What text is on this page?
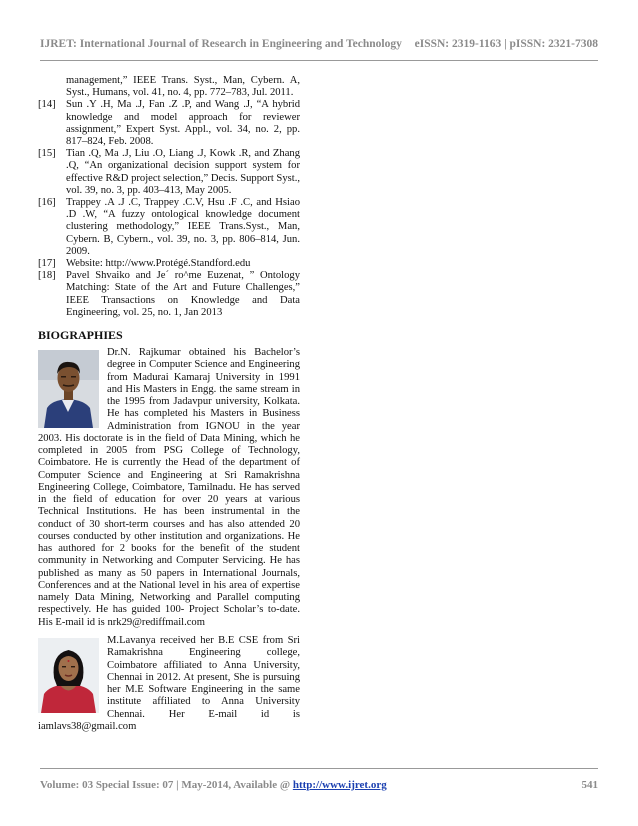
IJRET: International Journal of Research in Engineering and Technology eISSN: 2319-1163 | pISSN: 2321-7308
management,” IEEE Trans. Syst., Man, Cybern. A, Syst., Humans, vol. 41, no. 4, pp. 772–783, Jul. 2011.
[14] Sun .Y .H, Ma .J, Fan .Z .P, and Wang .J, “A hybrid knowledge and model approach for reviewer assignment,” Expert Syst. Appl., vol. 34, no. 2, pp. 817–824, Feb. 2008.
[15] Tian .Q, Ma .J, Liu .O, Liang .J, Kowk .R, and Zhang .Q, “An organizational decision support system for effective R&D project selection,” Decis. Support Syst., vol. 39, no. 3, pp. 403–413, May 2005.
[16] Trappey .A .J .C, Trappey .C.V, Hsu .F .C, and Hsiao .D .W, “A fuzzy ontological knowledge document clustering methodology,” IEEE Trans.Syst., Man, Cybern. B, Cybern., vol. 39, no. 3, pp. 806–814, Jun. 2009.
[17] Website: http://www.Protégé.Standford.edu
[18] Pavel Shvaiko and Je´ ro^me Euzenat, ” Ontology Matching: State of the Art and Future Challenges,” IEEE Transactions on Knowledge and Data Engineering, vol. 25, no. 1, Jan 2013
BIOGRAPHIES
Dr.N. Rajkumar obtained his Bachelor’s degree in Computer Science and Engineering from Madurai Kamaraj University in 1991 and His Masters in Engg. the same stream in the 1995 from Jadavpur university, Kolkata. He has completed his Masters in Business Administration from IGNOU in the year 2003. His doctorate is in the field of Data Mining, which he completed in 2005 from PSG College of Technology, Coimbatore. He is currently the Head of the department of Computer Science and Engineering at Sri Ramakrishna Engineering College, Coimbatore, Tamilnadu. He has served in the field of education for over 20 years at various Technical Institutions. He has been instrumental in the conduct of 30 short-term courses and has also attended 20 courses conducted by other institution and organizations. He has authored for 2 books for the benefit of the student community in Networking and Computer Servicing. He has published as many as 50 papers in International Journals, Conferences and at the National level in his area of expertise namely Data Mining, Networking and Parallel computing respectively. He has guided 100- Project Scholar’s to-date. His E-mail id is nrk29@rediffmail.com
M.Lavanya received her B.E CSE from Sri Ramakrishna Engineering college, Coimbatore affiliated to Anna University, Chennai in 2012. At present, She is pursuing her M.E Software Engineering in the same institute affiliated to Anna University Chennai. Her E-mail id is iamlavs38@gmail.com
Volume: 03 Special Issue: 07 | May-2014, Available @ http://www.ijret.org	541
